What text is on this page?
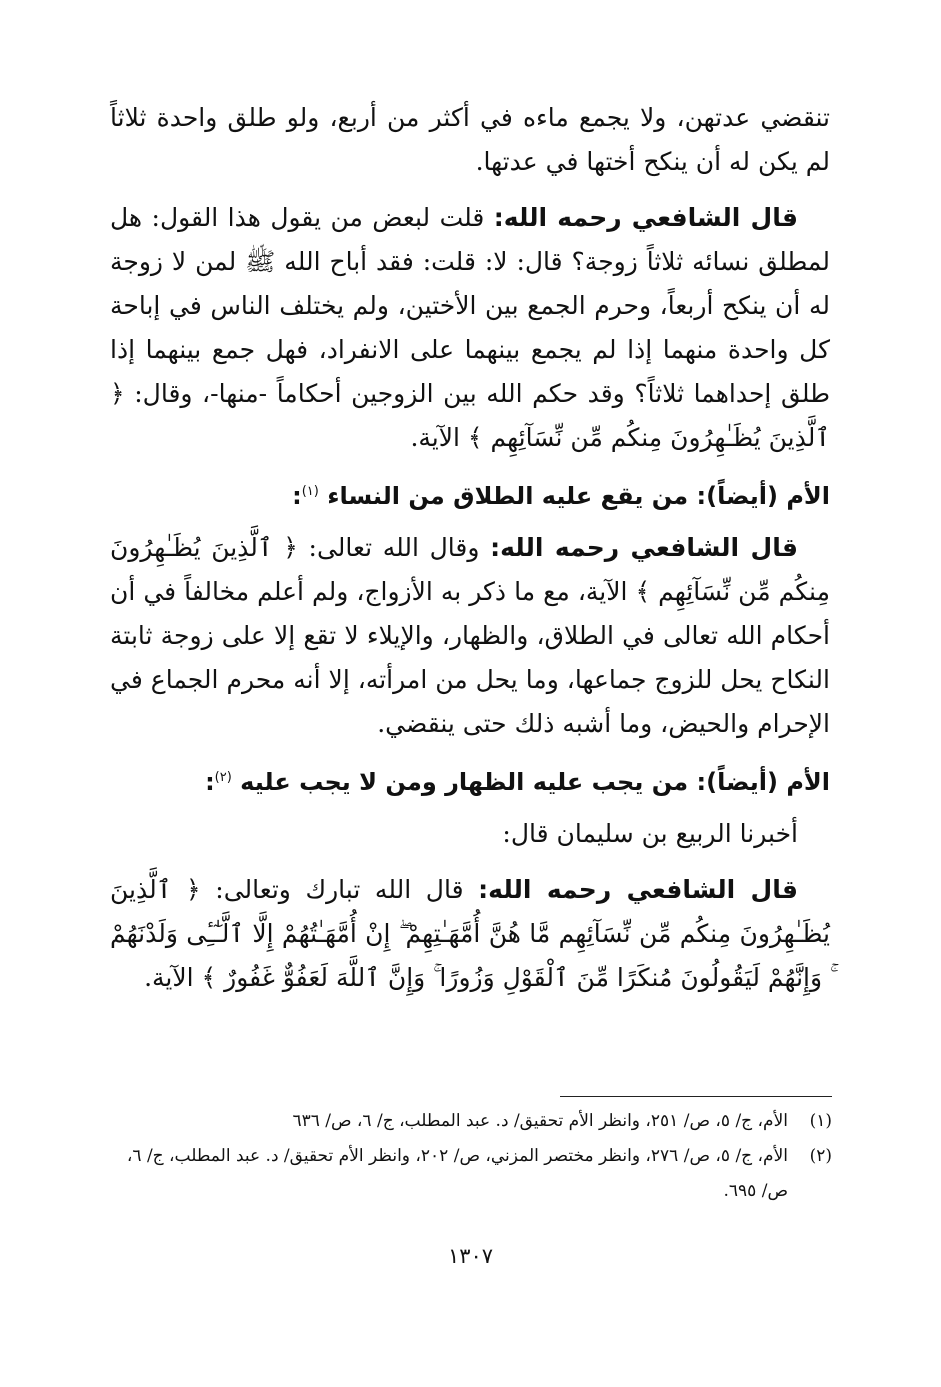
تنقضي عدتهن، ولا يجمع ماءه في أكثر من أربع، ولو طلق واحدة ثلاثاً لم يكن له أن ينكح أختها في عدتها.

قال الشافعي رحمه الله: قلت لبعض من يقول هذا القول: هل لمطلق نسائه ثلاثاً زوجة؟ قال: لا: قلت: فقد أباح الله ﷺ لمن لا زوجة له أن ينكح أربعاً، وحرم الجمع بين الأختين، ولم يختلف الناس في إباحة كل واحدة منهما إذا لم يجمع بينهما على الانفراد، فهل جمع بينهما إذا طلق إحداهما ثلاثاً؟ وقد حكم الله بين الزوجين أحكاماً -منها-، وقال: ﴿ ٱلَّذِينَ يُظَـٰهِرُونَ مِنكُم مِّن نِّسَآئِهِم ﴾ الآية.

الأم (أيضاً): من يقع عليه الطلاق من النساء $^{(١)}$:

قال الشافعي رحمه الله: وقال الله تعالى: ﴿ ٱلَّذِينَ يُظَـٰهِرُونَ مِنكُم مِّن نِّسَآئِهِم ﴾ الآية، مع ما ذكر به الأزواج، ولم أعلم مخالفاً في أن أحكام الله تعالى في الطلاق، والظهار، والإيلاء لا تقع إلا على زوجة ثابتة النكاح يحل للزوج جماعها، وما يحل من امرأته، إلا أنه محرم الجماع في الإحرام والحيض، وما أشبه ذلك حتى ينقضي.

الأم (أيضاً): من يجب عليه الظهار ومن لا يجب عليه $^{(٢)}$:

أخبرنا الربيع بن سليمان قال:

قال الشافعي رحمه الله: قال الله تبارك وتعالى: ﴿ ٱلَّذِينَ يُظَـٰهِرُونَ مِنكُم مِّن نِّسَآئِهِم مَّا هُنَّ أُمَّهَـٰتِهِمْ ۖ إِنْ أُمَّهَـٰتُهُمْ إِلَّا ٱلَّـٰٓـِٔى وَلَدْنَهُمْ ۚ وَإِنَّهُمْ لَيَقُولُونَ مُنكَرًا مِّنَ ٱلْقَوْلِ وَزُورًا ۚ وَإِنَّ ٱللَّهَ لَعَفُوٌّ غَفُورٌ ﴾ الآية.

(١)
الأم، ج/ ٥، ص/ ٢٥١، وانظر الأم تحقيق/ د. عبد المطلب، ج/ ٦، ص/ ٦٣٦
(٢)
الأم، ج/ ٥، ص/ ٢٧٦، وانظر مختصر المزني، ص/ ٢٠٢، وانظر الأم تحقيق/ د. عبد المطلب، ج/ ٦، ص/ ٦٩٥.
١٣٠٧
